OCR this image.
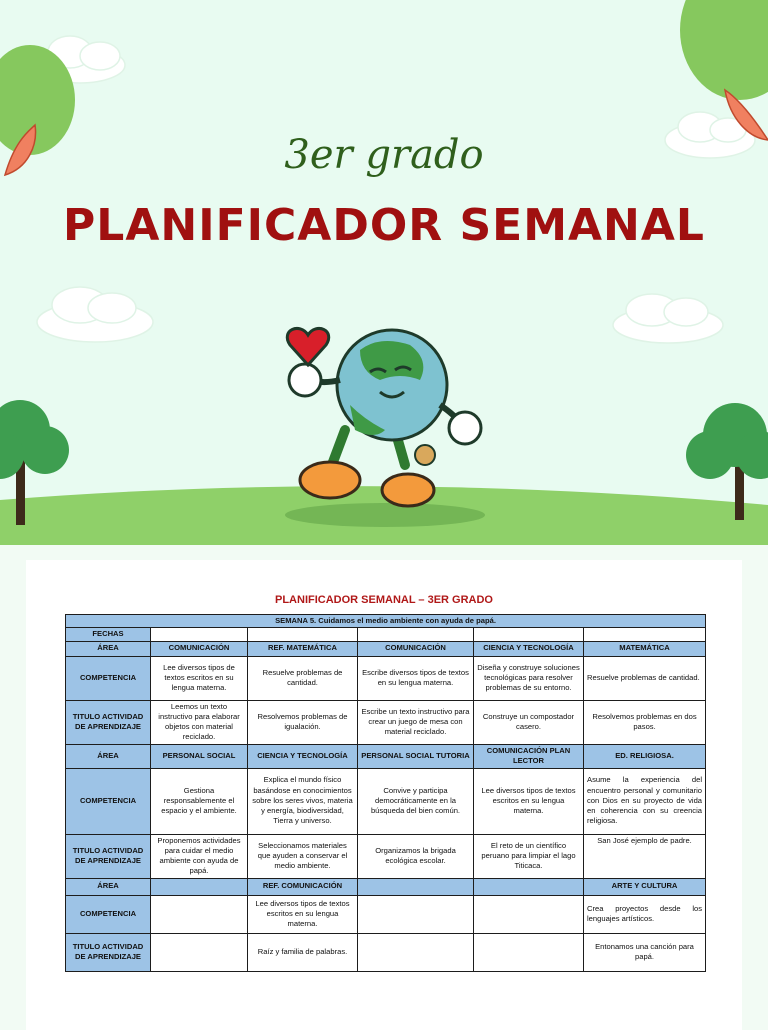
3er grado
PLANIFICADOR SEMANAL
PLANIFICADOR SEMANAL – 3ER GRADO
SEMANA 5. Cuidamos el medio ambiente con ayuda de papá.					
FECHAS					
ÁREA	COMUNICACIÓN	REF. MATEMÁTICA	COMUNICACIÓN	CIENCIA Y TECNOLOGÍA	MATEMÁTICA
COMPETENCIA	Lee diversos tipos de textos escritos en su lengua materna.	Resuelve problemas de cantidad.	Escribe diversos tipos de textos en su lengua materna.	Diseña y construye soluciones tecnológicas para resolver problemas de su entorno.	Resuelve problemas de cantidad.
TITULO ACTIVIDAD DE APRENDIZAJE	Leemos un texto instructivo para elaborar objetos con material reciclado.	Resolvemos problemas de igualación.	Escribe un texto instructivo para crear un juego de mesa con material reciclado.	Construye un compostador casero.	Resolvemos problemas en dos pasos.
ÁREA	PERSONAL SOCIAL	CIENCIA Y TECNOLOGÍA	PERSONAL SOCIAL TUTORIA	COMUNICACIÓN PLAN LECTOR	ED. RELIGIOSA.
COMPETENCIA	Gestiona responsablemente el espacio y el ambiente.	Explica el mundo físico basándose en conocimientos sobre los seres vivos, materia y energía, biodiversidad, Tierra y universo.	Convive y participa democráticamente en la búsqueda del bien común.	Lee diversos tipos de textos escritos en su lengua materna.	Asume la experiencia del encuentro personal y comunitario con Dios en su proyecto de vida en coherencia con su creencia religiosa.
TITULO ACTIVIDAD DE APRENDIZAJE	Proponemos actividades para cuidar el medio ambiente con ayuda de papá.	Seleccionamos materiales que ayuden a conservar el medio ambiente.	Organizamos la brigada ecológica escolar.	El reto de un científico peruano para limpiar el lago Titicaca.	San José ejemplo de padre.
ÁREA		REF. COMUNICACIÓN			ARTE Y CULTURA
COMPETENCIA		Lee diversos tipos de textos escritos en su lengua materna.			Crea proyectos desde los lenguajes artísticos.
TITULO ACTIVIDAD DE APRENDIZAJE		Raíz y familia de palabras.			Entonamos una canción para papá.
